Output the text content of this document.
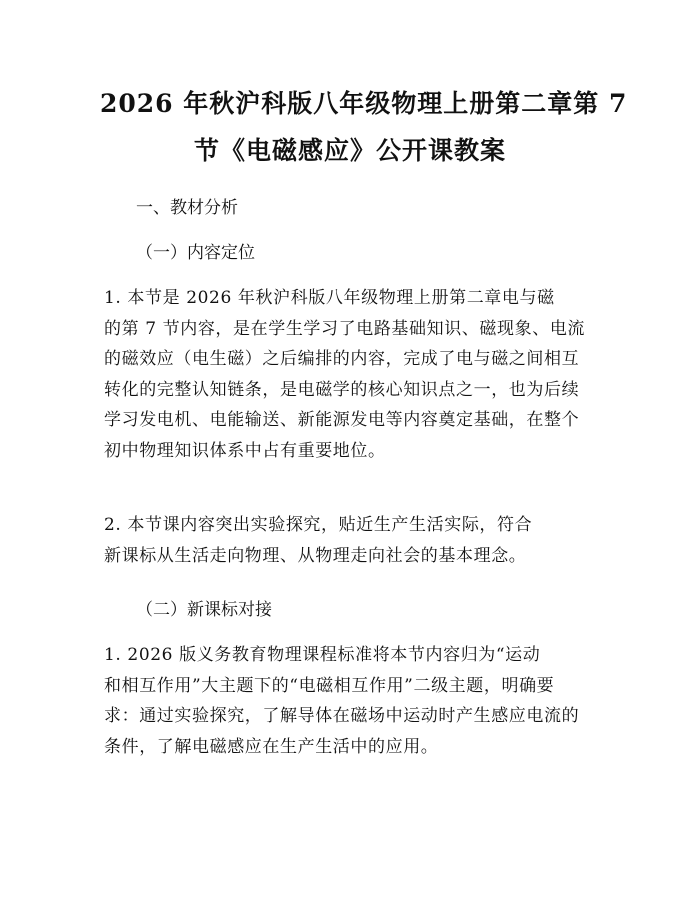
2026 年秋沪科版八年级物理上册第二章第 7
节《电磁感应》公开课教案
一、教材分析
（一）内容定位
1. 本节是 2026 年秋沪科版八年级物理上册第二章电与磁
的第 7 节内容，是在学生学习了电路基础知识、磁现象、电流
的磁效应（电生磁）之后编排的内容，完成了电与磁之间相互
转化的完整认知链条，是电磁学的核心知识点之一，也为后续
学习发电机、电能输送、新能源发电等内容奠定基础，在整个
初中物理知识体系中占有重要地位。
2. 本节课内容突出实验探究，贴近生产生活实际，符合
新课标从生活走向物理、从物理走向社会的基本理念。
（二）新课标对接
1. 2026 版义务教育物理课程标准将本节内容归为“运动
和相互作用”大主题下的“电磁相互作用”二级主题，明确要
求：通过实验探究，了解导体在磁场中运动时产生感应电流的
条件，了解电磁感应在生产生活中的应用。
